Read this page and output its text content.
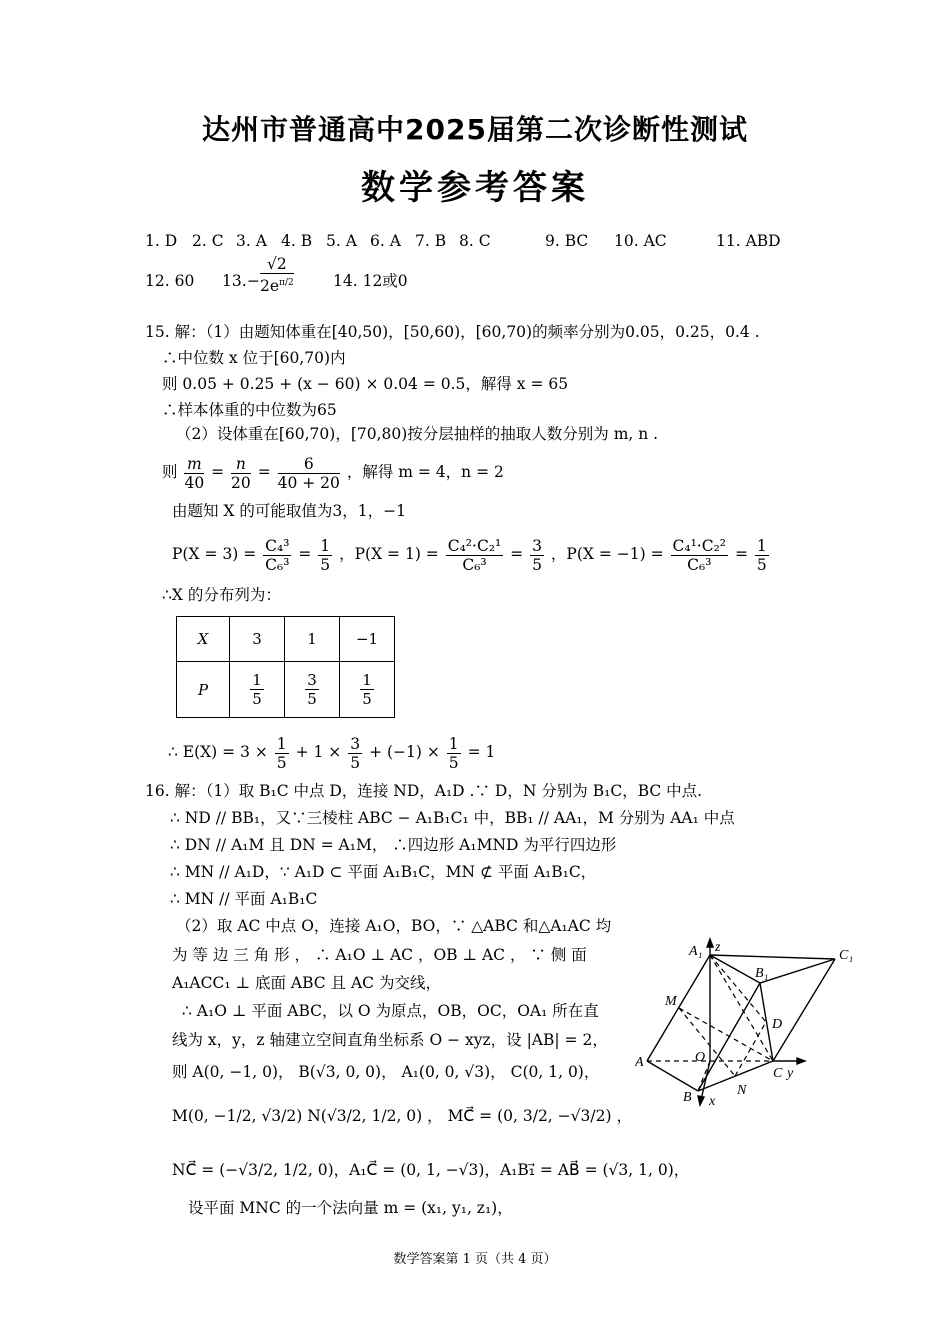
达州市普通高中2025届第二次诊断性测试
数学参考答案
1. D 2. C 3. A 4. B 5. A 6. A 7. B 8. C	9. BC 10. AC	11. ABD
12. 60 13. − $\frac{√2}{2e^{\pi/2}}$	14. 12或0
15. 解：（1）由题知体重在[40,50)，[50,60)，[60,70)的频率分别为0.05，0.25，0.4 .
∴中位数 x 位于[60,70)内
则 0.05 + 0.25 + (x − 60) × 0.04 = 0.5，解得 x = 65
∴样本体重的中位数为65
（2）设体重在[60,70)，[70,80)按分层抽样的抽取人数分别为 m, n .
则 $\frac{m}{40} = \frac{n}{20} = \frac{6}{40 + 20}$ ，解得 m = 4，n = 2
由题知 X 的可能取值为3，1，−1
$P(X = 3) = \frac{\text{C₄³}}{\text{C₆³}} = \frac{1}{5}$ ，$P(X = 1) = \frac{\text{C₄²·C₂¹}}{\text{C₆³}} = \frac{3}{5}$ ，$P(X = -1) = \frac{\text{C₄¹·C₂²}}{\text{C₆³}} = \frac{1}{5}$
∴X 的分布列为：
X	3	1	−1
P	$\frac{1}{5}$	$\frac{3}{5}$	$\frac{1}{5}$
∴ $E(X) = 3 \times \frac{1}{5} + 1 \times \frac{3}{5} + (-1) \times \frac{1}{5} = 1$
16. 解：（1）取 B₁C 中点 D，连接 ND，A₁D .∵ D，N 分别为 B₁C，BC 中点.
∴ ND // BB₁，又∵三棱柱 ABC − A₁B₁C₁ 中，BB₁ // AA₁，M 分别为 AA₁ 中点
∴ DN // A₁M 且 DN = A₁M， ∴四边形 A₁MND 为平行四边形
∴ MN // A₁D，∵ A₁D ⊂ 平面 A₁B₁C，MN ⊄ 平面 A₁B₁C，
∴ MN // 平面 A₁B₁C
（2）取 AC 中点 O，连接 A₁O，BO，∵ △ABC 和△A₁AC 均
为 等 边 三 角 形 ， ∴ A₁O ⊥ AC ，OB ⊥ AC ， ∵ 侧 面
A₁ACC₁ ⊥ 底面 ABC 且 AC 为交线，
∴ A₁O ⊥ 平面 ABC，以 O 为原点，OB，OC，OA₁ 所在直
线为 x，y，z 轴建立空间直角坐标系 O − xyz，设 |AB| = 2，
则 A(0, −1, 0)， B(√3, 0, 0)， A₁(0, 0, √3)， C(0, 1, 0)，
M(0, −1/2, √3/2) N(√3/2, 1/2, 0) ， MC⃗ = (0, 3/2, −√3/2) ，
NC⃗ = (−√3/2, 1/2, 0)，A₁C⃗ = (0, 1, −√3)，A₁B₁⃗ = AB⃗ = (√3, 1, 0)，
设平面 MNC 的一个法向量 m = (x₁, y₁, z₁)，
A₁ z
C₁
B₁
M
D
A	O
C y
B x
N
数学答案第 1 页（共 4 页）
